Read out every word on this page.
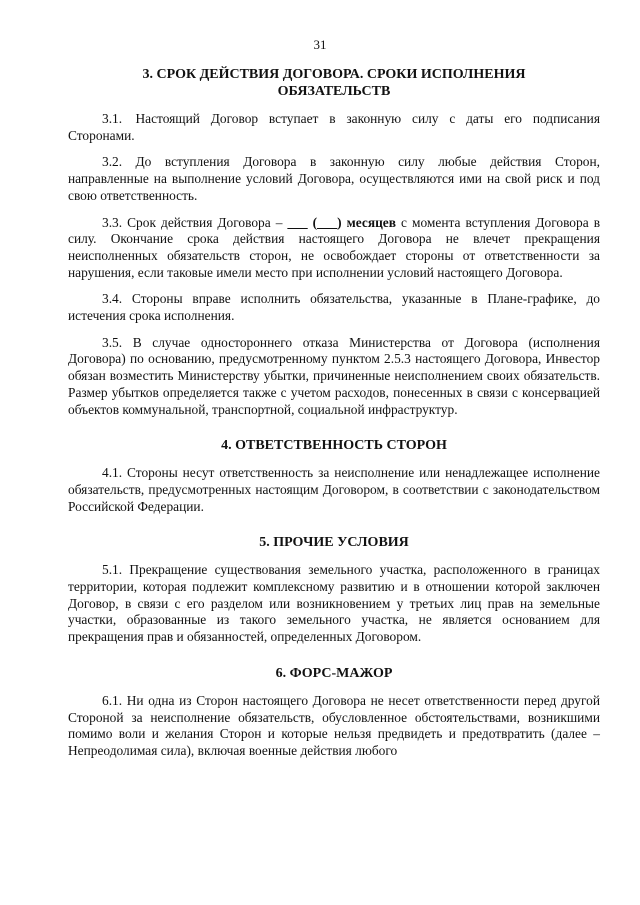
31
3. СРОК ДЕЙСТВИЯ ДОГОВОРА. СРОКИ ИСПОЛНЕНИЯ
ОБЯЗАТЕЛЬСТВ

3.1. Настоящий Договор вступает в законную силу с даты его подписания Сторонами.

3.2. До вступления Договора в законную силу любые действия Сторон, направленные на выполнение условий Договора, осуществляются ими на свой риск и под свою ответственность.

3.3. Срок действия Договора – ___ (___) месяцев с момента вступления Договора в силу. Окончание срока действия настоящего Договора не влечет прекращения неисполненных обязательств сторон, не освобождает стороны от ответственности за нарушения, если таковые имели место при исполнении условий настоящего Договора.

3.4. Стороны вправе исполнить обязательства, указанные в Плане-графике, до истечения срока исполнения.

3.5. В случае одностороннего отказа Министерства от Договора (исполнения Договора) по основанию, предусмотренному пунктом 2.5.3 настоящего Договора, Инвестор обязан возместить Министерству убытки, причиненные неисполнением своих обязательств. Размер убытков определяется также с учетом расходов, понесенных в связи с консервацией объектов коммунальной, транспортной, социальной инфраструктур.

4. ОТВЕТСТВЕННОСТЬ СТОРОН

4.1. Стороны несут ответственность за неисполнение или ненадлежащее исполнение обязательств, предусмотренных настоящим Договором, в соответствии с законодательством Российской Федерации.

5. ПРОЧИЕ УСЛОВИЯ

5.1. Прекращение существования земельного участка, расположенного в границах территории, которая подлежит комплексному развитию и в отношении которой заключен Договор, в связи с его разделом или возникновением у третьих лиц прав на земельные участки, образованные из такого земельного участка, не является основанием для прекращения прав и обязанностей, определенных Договором.

6. ФОРС-МАЖОР

6.1. Ни одна из Сторон настоящего Договора не несет ответственности перед другой Стороной за неисполнение обязательств, обусловленное обстоятельствами, возникшими помимо воли и желания Сторон и которые нельзя предвидеть и предотвратить (далее – Непреодолимая сила), включая военные действия любого
